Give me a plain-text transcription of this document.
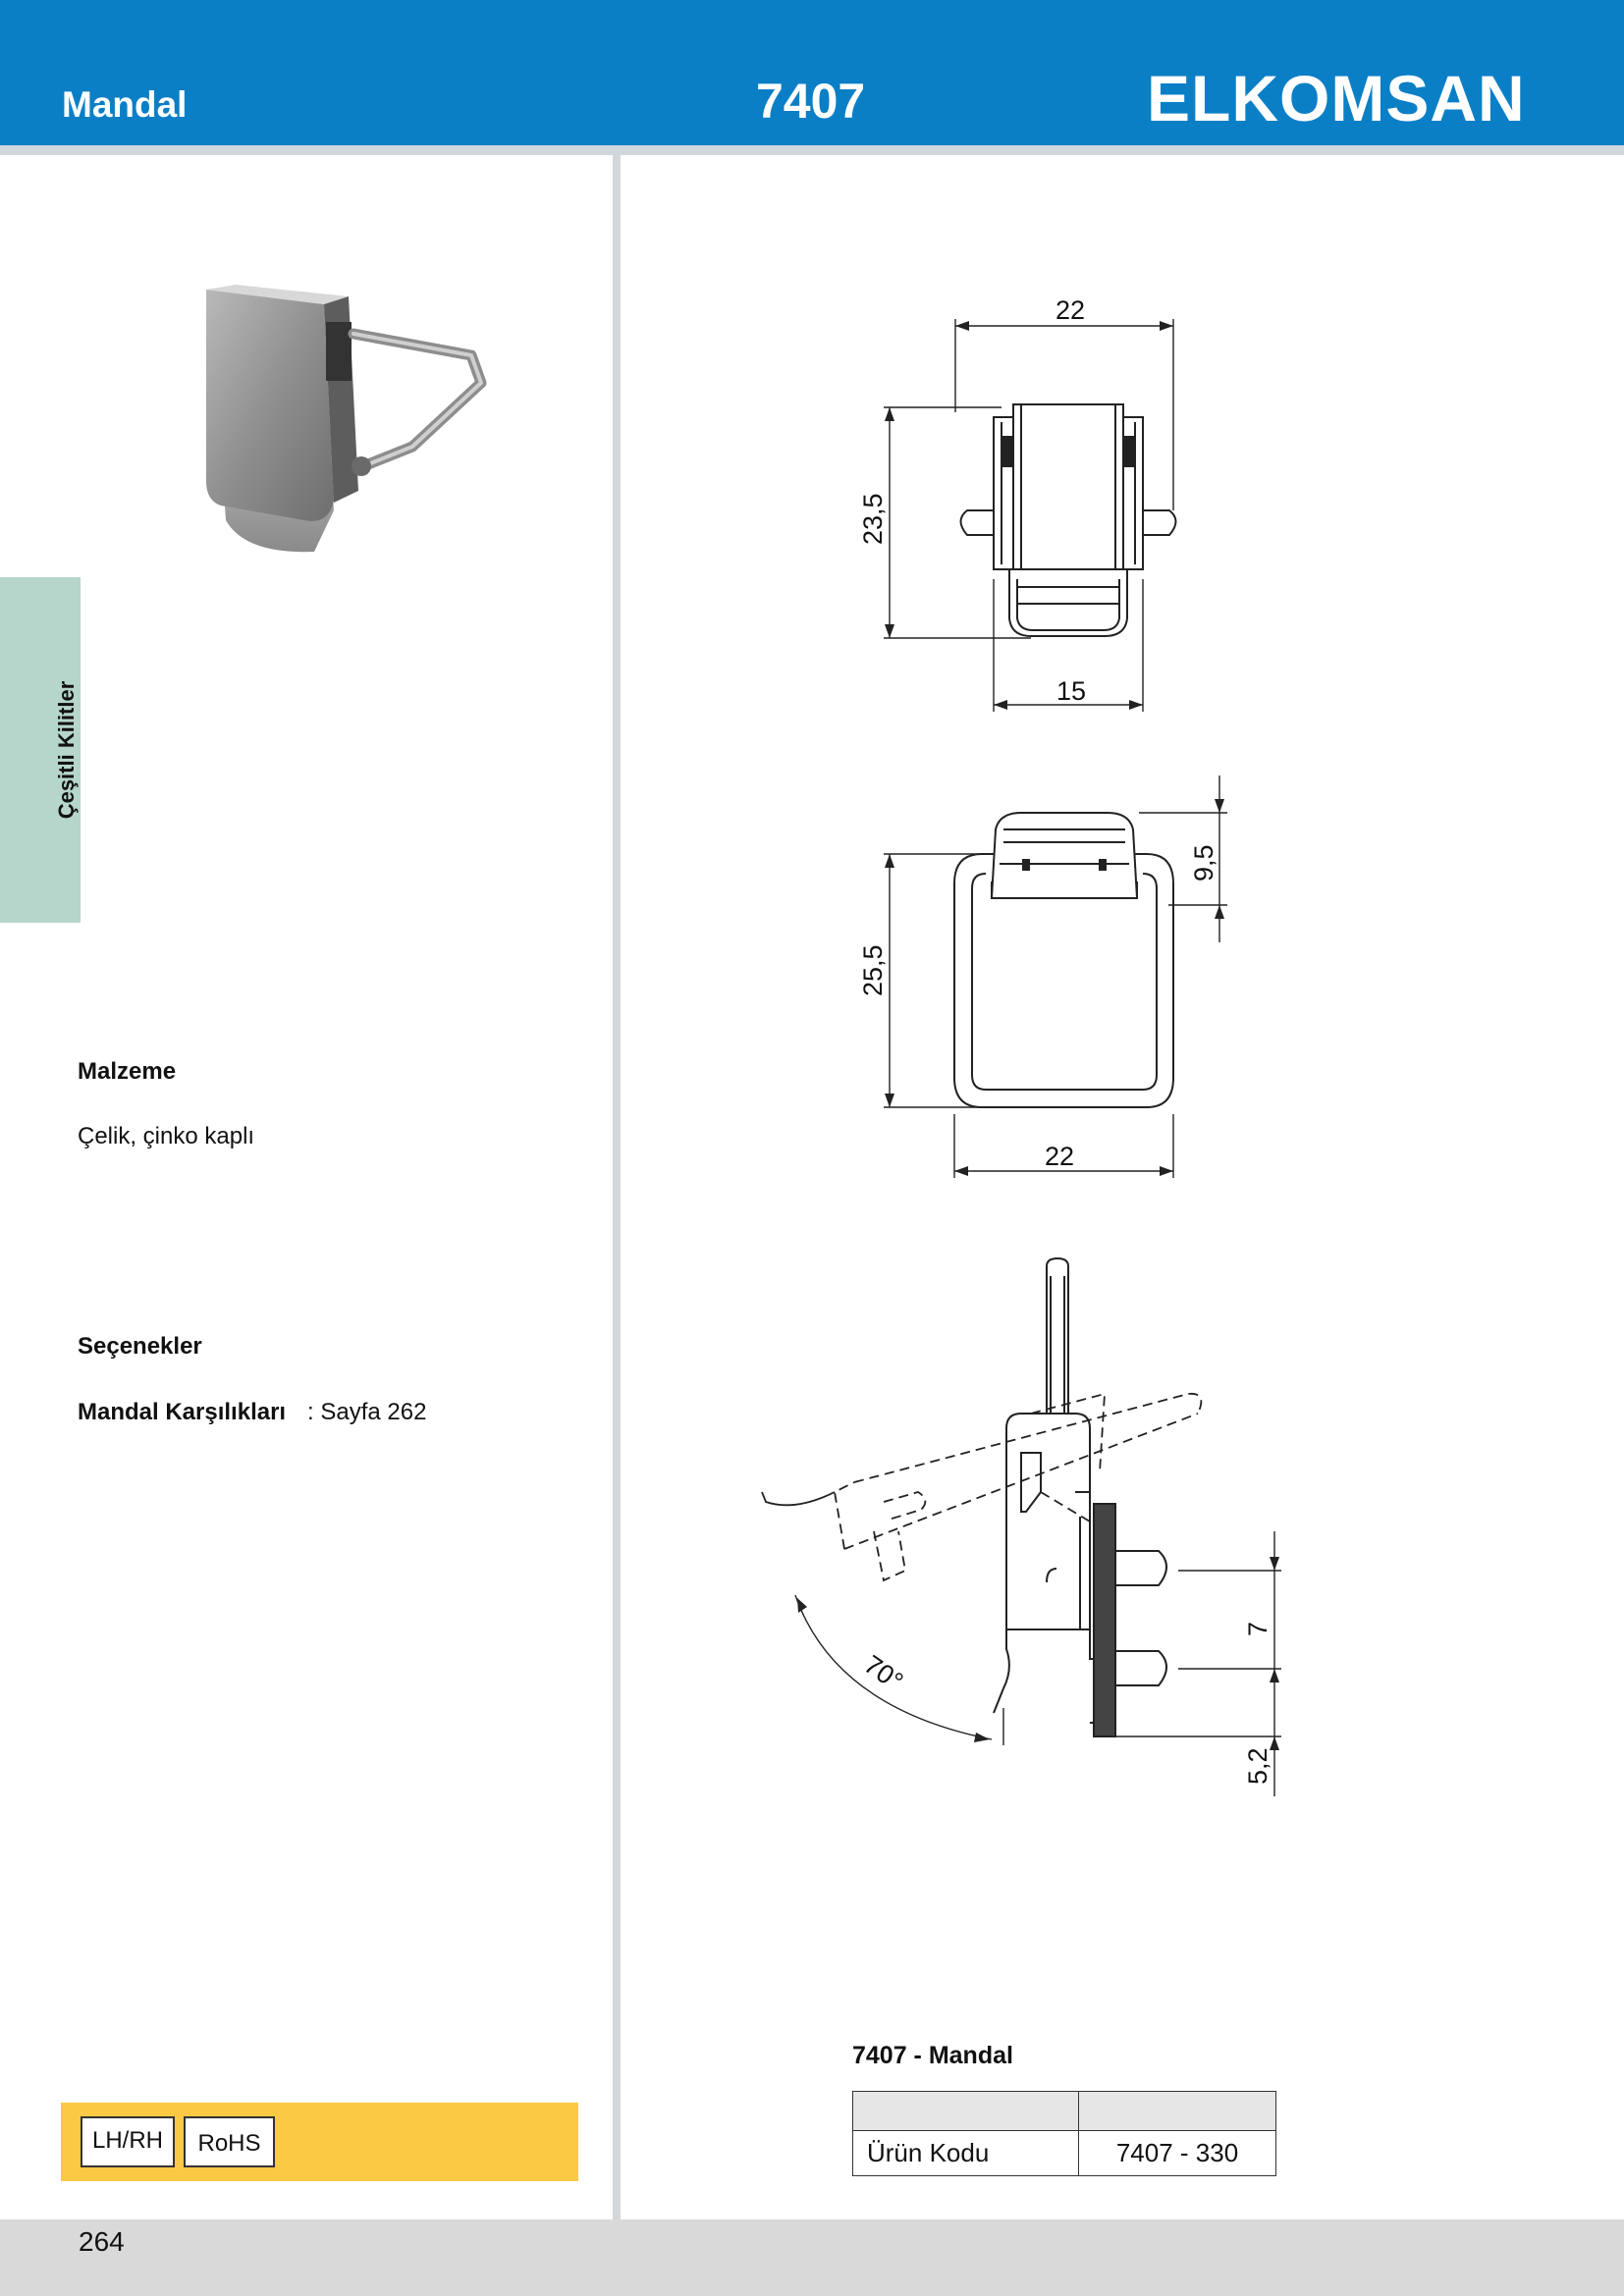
Mandal	7407	ELKOMSAN
Çeşitli Kilitler
Malzeme
Çelik, çinko kaplı
Seçenekler
Mandal Karşılıkları : Sayfa 262
LH/RH	RoHS
22
23,5
15
25,5
9,5
22
70°
7
5,2
7407 - Mandal

Ürün Kodu	7407 - 330
264
